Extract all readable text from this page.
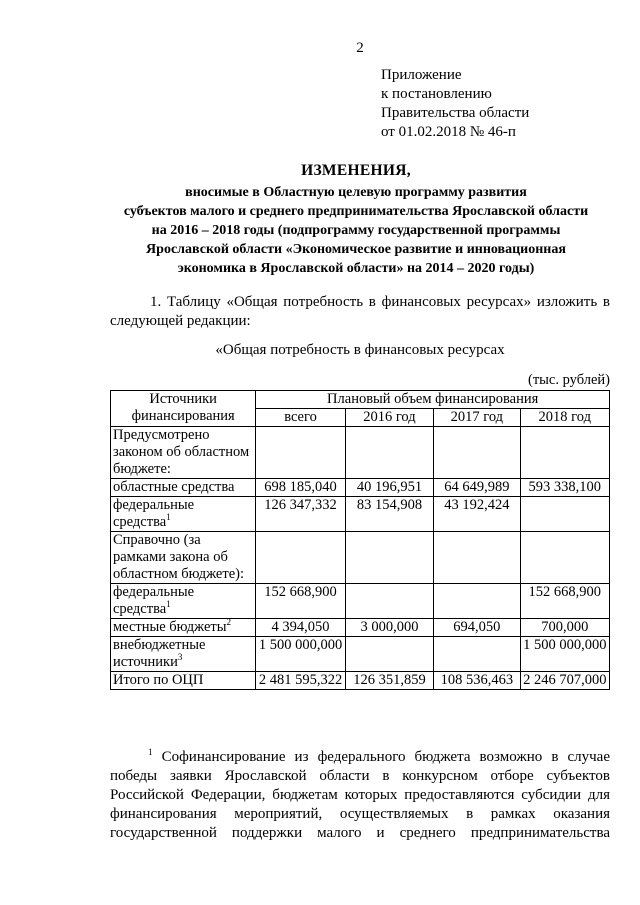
2
Приложение
к постановлению
Правительства области
от 01.02.2018 № 46-п
ИЗМЕНЕНИЯ,
вносимые в Областную целевую программу развития
субъектов малого и среднего предпринимательства Ярославской области
на 2016 – 2018 годы (подпрограмму государственной программы
Ярославской области «Экономическое развитие и инновационная
экономика в Ярославской области» на 2014 – 2020 годы)
1. Таблицу «Общая потребность в финансовых ресурсах» изложить в
следующей редакции:
«Общая потребность в финансовых ресурсах
(тыс. рублей)
Источники финансирования	Плановый объем финансирования			
	всего	2016 год	2017 год	2018 год
Предусмотрено законом об областном бюджете:				
областные средства	698 185,040	40 196,951	64 649,989	593 338,100
федеральные средства$^1$	126 347,332	83 154,908	43 192,424	
Справочно (за рамками закона об областном бюджете):				
федеральные средства$^1$	152 668,900			152 668,900
местные бюджеты$^2$	4 394,050	3 000,000	694,050	700,000
внебюджетные источники$^3$	1 500 000,000			1 500 000,000
Итого по ОЦП	2 481 595,322	126 351,859	108 536,463	2 246 707,000
$^1$ Софинансирование из федерального бюджета возможно в случае
победы заявки Ярославской области в конкурсном отборе субъектов
Российской Федерации, бюджетам которых предоставляются субсидии для
финансирования мероприятий, осуществляемых в рамках оказания
государственной поддержки малого и среднего предпринимательства
